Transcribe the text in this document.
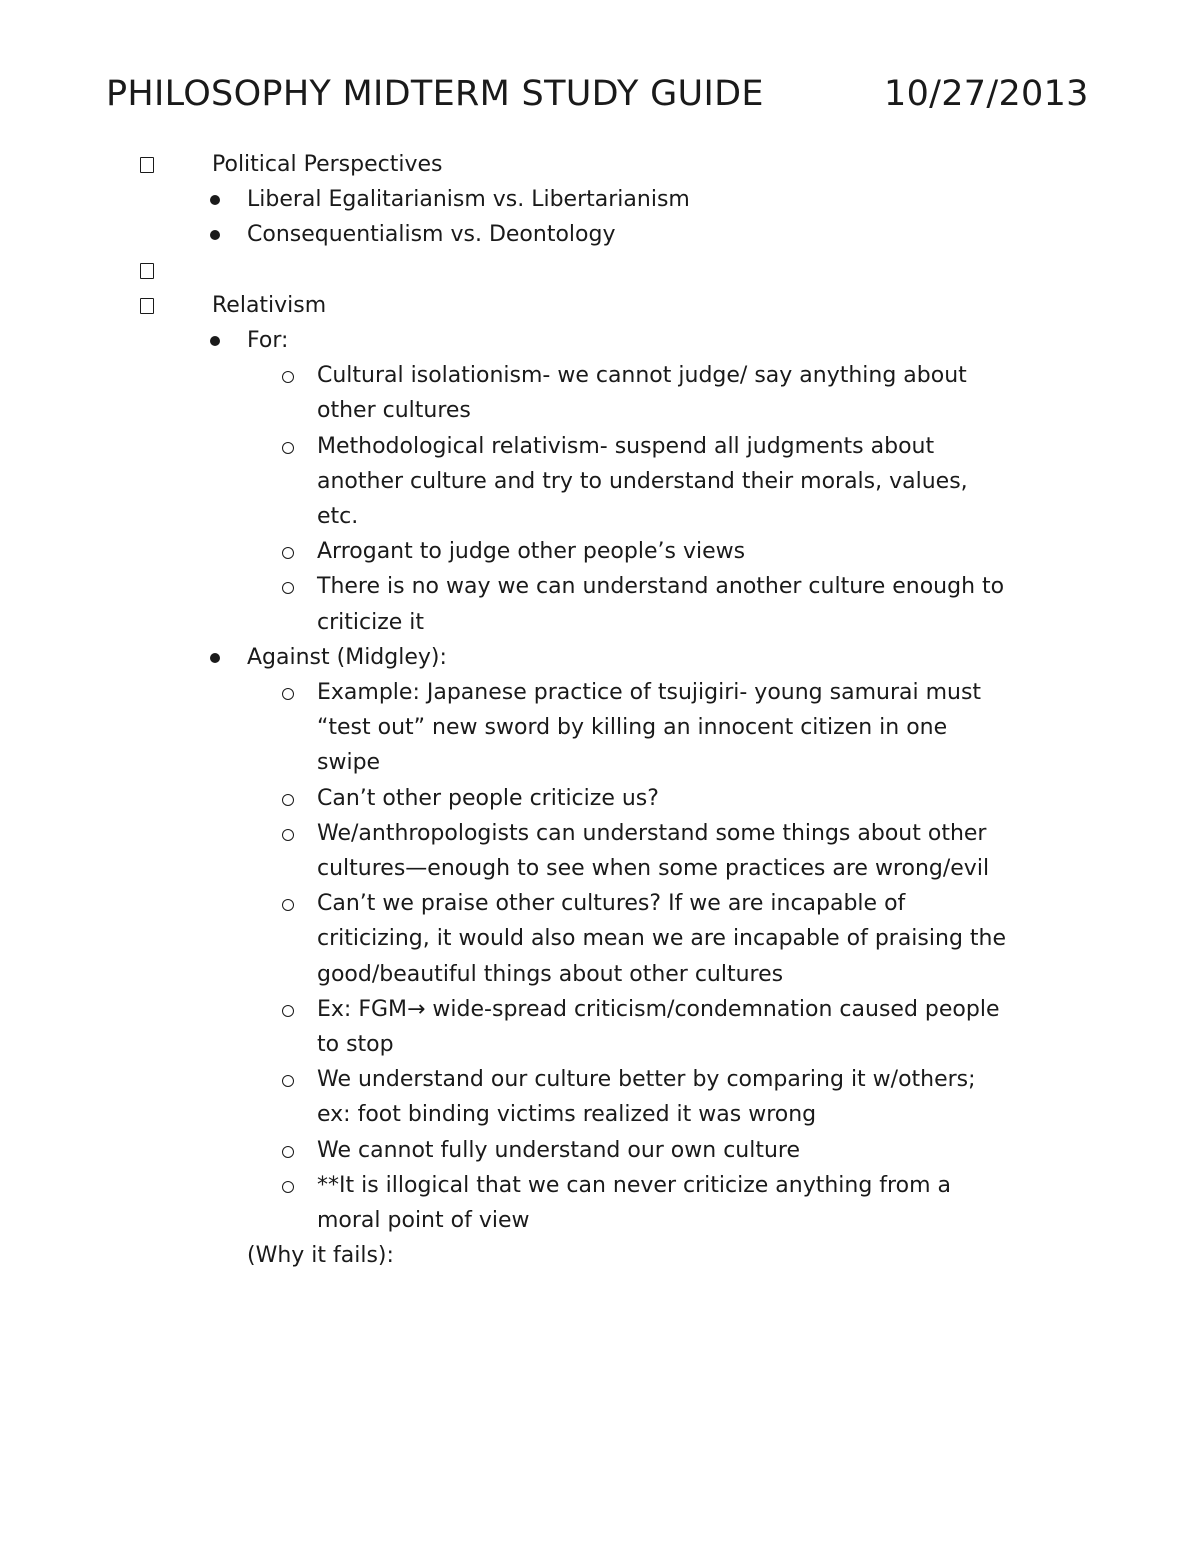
PHILOSOPHY MIDTERM STUDY GUIDE	10/27/2013
Political Perspectives
Liberal Egalitarianism vs. Libertarianism
Consequentialism vs. Deontology
Relativism
For:
Cultural isolationism- we cannot judge/ say anything about
other cultures
Methodological relativism- suspend all judgments about
another culture and try to understand their morals, values,
etc.
Arrogant to judge other people’s views
There is no way we can understand another culture enough to
criticize it
Against (Midgley):
Example: Japanese practice of tsujigiri- young samurai must
“test out” new sword by killing an innocent citizen in one
swipe
Can’t other people criticize us?
We/anthropologists can understand some things about other
cultures—enough to see when some practices are wrong/evil
Can’t we praise other cultures? If we are incapable of
criticizing, it would also mean we are incapable of praising the
good/beautiful things about other cultures
Ex: FGM→ wide-spread criticism/condemnation caused people
to stop
We understand our culture better by comparing it w/others;
ex: foot binding victims realized it was wrong
We cannot fully understand our own culture
**It is illogical that we can never criticize anything from a
moral point of view
(Why it fails):
